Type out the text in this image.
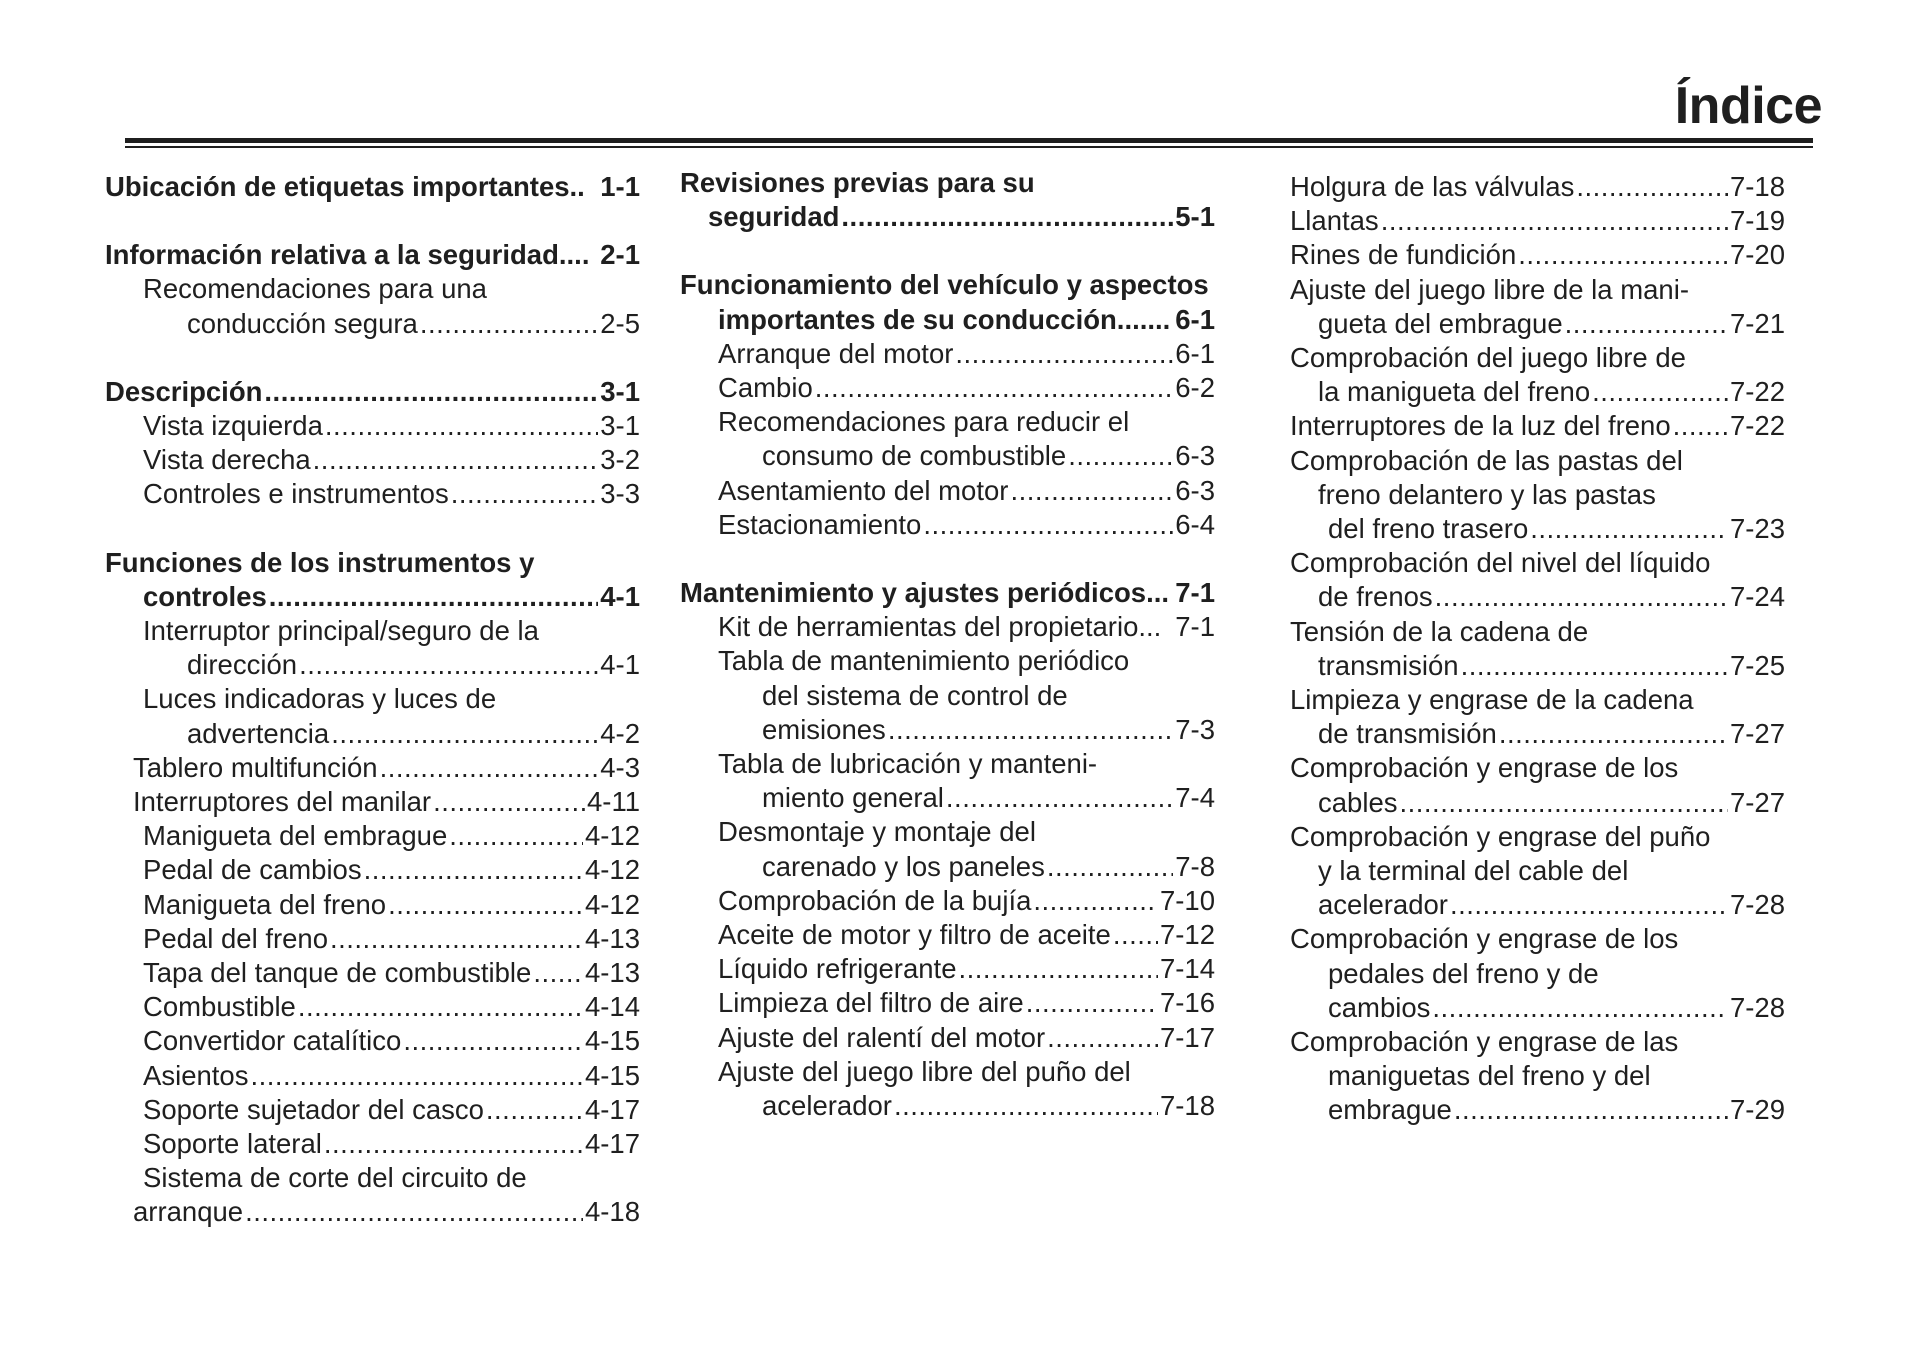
Índice
Ubicación de etiquetas importantes.. 1-1
Información relativa a la seguridad.... 2-1
Recomendaciones para una
conducción segura .....	2-5
Descripción .....	3-1
Vista izquierda .....	3-1
Vista derecha .....	3-2
Controles e instrumentos .....	3-3
Funciones de los instrumentos y
controles .....	4-1
Interruptor principal/seguro de la
dirección .....	4-1
Luces indicadoras y luces de
advertencia .....	4-2
Tablero multifunción .....	4-3
Interruptores del manilar .....	4-11
Manigueta del embrague .....	4-12
Pedal de cambios .....	4-12
Manigueta del freno .....	4-12
Pedal del freno .....	4-13
Tapa del tanque de combustible ..... 4-13
Combustible .....	4-14
Convertidor catalítico .....	4-15
Asientos .....	4-15
Soporte sujetador del casco .....	4-17
Soporte lateral .....	4-17
Sistema de corte del circuito de
arranque .....	4-18
Revisiones previas para su
seguridad .....	5-1
Funcionamiento del vehículo y aspectos
importantes de su conducción....... 6-1
Arranque del motor .....	6-1
Cambio .....	6-2
Recomendaciones para reducir el
consumo de combustible .....	6-3
Asentamiento del motor .....	6-3
Estacionamiento .....	6-4
Mantenimiento y ajustes periódicos... 7-1
Kit de herramientas del propietario... 7-1
Tabla de mantenimiento periódico
del sistema de control de
emisiones .....	7-3
Tabla de lubricación y manteni-
miento general .....	7-4
Desmontaje y montaje del
carenado y los paneles .....	7-8
Comprobación de la bujía .....	7-10
Aceite de motor y filtro de aceite ..... 7-12
Líquido refrigerante .....	7-14
Limpieza del filtro de aire .....	7-16
Ajuste del ralentí del motor .....	7-17
Ajuste del juego libre del puño del
acelerador .....	7-18
Holgura de las válvulas .....	7-18
Llantas .....	7-19
Rines de fundición .....	7-20
Ajuste del juego libre de la mani-
gueta del embrague .....	7-21
Comprobación del juego libre de
la manigueta del freno .....	7-22
Interruptores de la luz del freno ..... 7-22
Comprobación de las pastas del
freno delantero y las pastas
del freno trasero .....	7-23
Comprobación del nivel del líquido
de frenos .....	7-24
Tensión de la cadena de
transmisión .....	7-25
Limpieza y engrase de la cadena
de transmisión .....	7-27
Comprobación y engrase de los
cables .....	7-27
Comprobación y engrase del puño
y la terminal del cable del
acelerador .....	7-28
Comprobación y engrase de los
pedales del freno y de
cambios .....	7-28
Comprobación y engrase de las
maniguetas del freno y del
embrague .....	7-29
